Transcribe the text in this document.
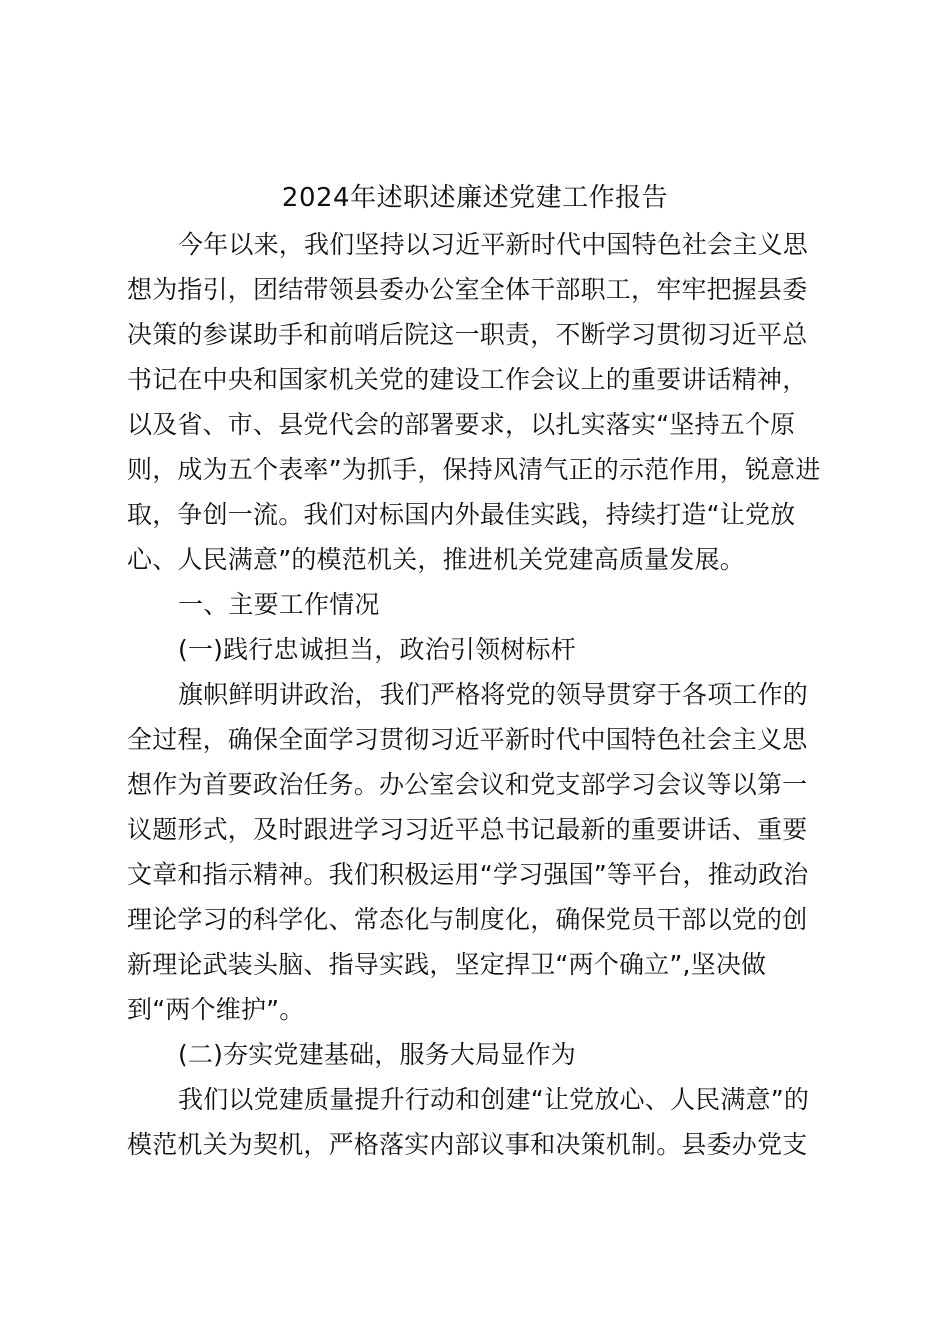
2024年述职述廉述党建工作报告
今年以来，我们坚持以习近平新时代中国特色社会主义思
想为指引，团结带领县委办公室全体干部职工，牢牢把握县委
决策的参谋助手和前哨后院这一职责，不断学习贯彻习近平总
书记在中央和国家机关党的建设工作会议上的重要讲话精神，
以及省、市、县党代会的部署要求，以扎实落实“坚持五个原
则，成为五个表率”为抓手，保持风清气正的示范作用，锐意进
取，争创一流。我们对标国内外最佳实践，持续打造“让党放
心、人民满意”的模范机关，推进机关党建高质量发展。
一、主要工作情况
(一)践行忠诚担当，政治引领树标杆
旗帜鲜明讲政治，我们严格将党的领导贯穿于各项工作的
全过程，确保全面学习贯彻习近平新时代中国特色社会主义思
想作为首要政治任务。办公室会议和党支部学习会议等以第一
议题形式，及时跟进学习习近平总书记最新的重要讲话、重要
文章和指示精神。我们积极运用“学习强国”等平台，推动政治
理论学习的科学化、常态化与制度化，确保党员干部以党的创
新理论武装头脑、指导实践，坚定捍卫“两个确立”,坚决做
到“两个维护”。
(二)夯实党建基础，服务大局显作为
我们以党建质量提升行动和创建“让党放心、人民满意”的
模范机关为契机，严格落实内部议事和决策机制。县委办党支
